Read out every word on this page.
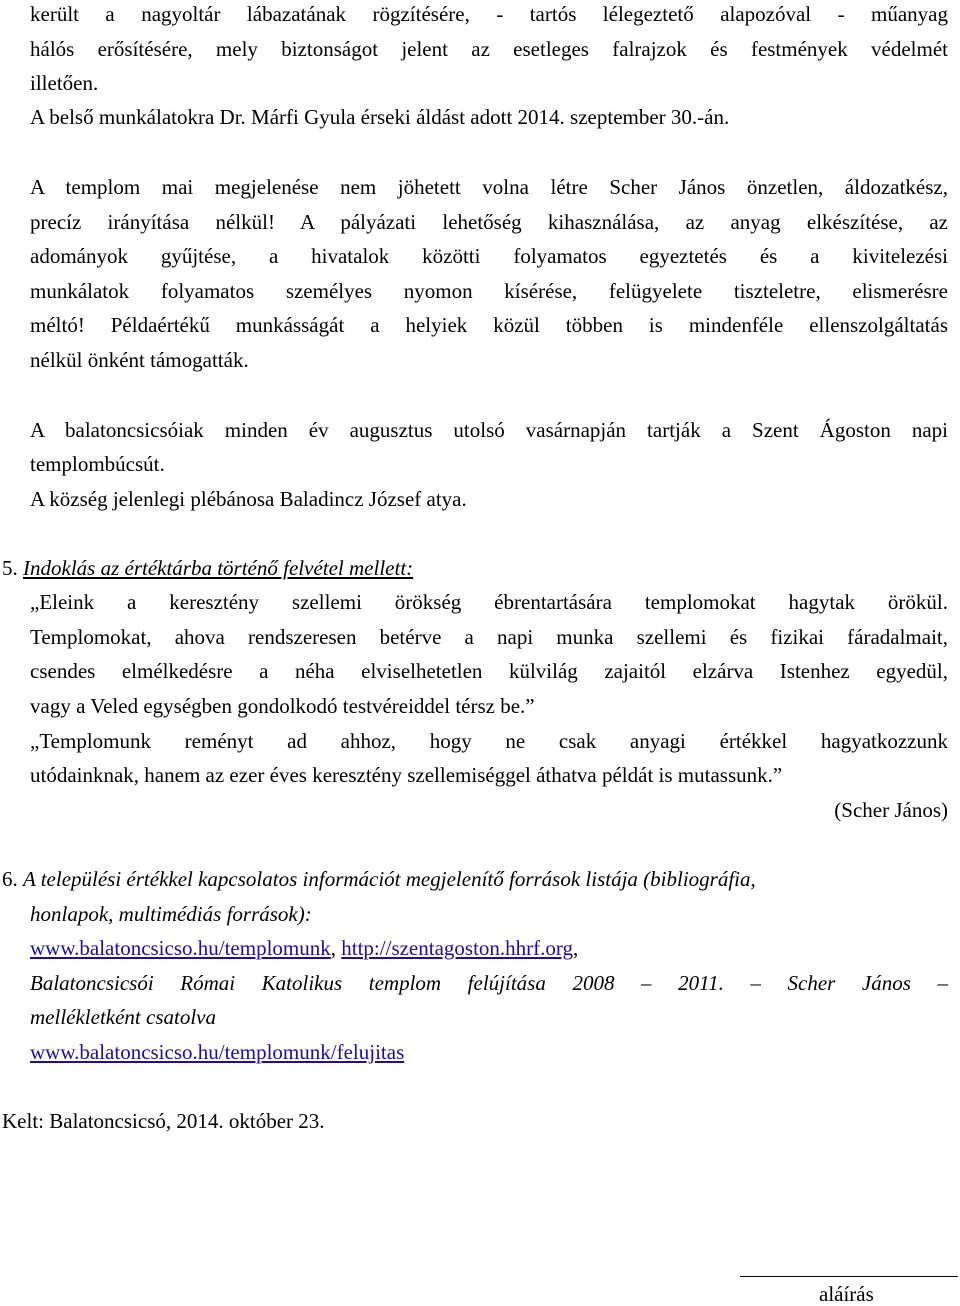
került a nagyoltár lábazatának rögzítésére, - tartós lélegeztető alapozóval - műanyag
hálós erősítésére, mely biztonságot jelent az esetleges falrajzok és festmények védelmét
illetően.
A belső munkálatokra Dr. Márfi Gyula érseki áldást adott 2014. szeptember 30.-án.
A templom mai megjelenése nem jöhetett volna létre Scher János önzetlen, áldozatkész,
precíz irányítása nélkül! A pályázati lehetőség kihasználása, az anyag elkészítése, az
adományok gyűjtése, a hivatalok közötti folyamatos egyeztetés és a kivitelezési
munkálatok folyamatos személyes nyomon kísérése, felügyelete tiszteletre, elismerésre
méltó! Példaértékű munkásságát a helyiek közül többen is mindenféle ellenszolgáltatás
nélkül önként támogatták.
A balatoncsicsóiak minden év augusztus utolsó vasárnapján tartják a Szent Ágoston napi
templombúcsút.
A község jelenlegi plébánosa Baladincz József atya.
5. Indoklás az értéktárba történő felvétel mellett:
„Eleink a keresztény szellemi örökség ébrentartására templomokat hagytak örökül.
Templomokat, ahova rendszeresen betérve a napi munka szellemi és fizikai fáradalmait,
csendes elmélkedésre a néha elviselhetetlen külvilág zajaitól elzárva Istenhez egyedül,
vagy a Veled egységben gondolkodó testvéreiddel térsz be.”
„Templomunk reményt ad ahhoz, hogy ne csak anyagi értékkel hagyatkozzunk
utódainknak, hanem az ezer éves keresztény szellemiséggel áthatva példát is mutassunk.”
(Scher János)
6. A települési értékkel kapcsolatos információt megjelenítő források listája (bibliográfia,
honlapok, multimédiás források):
www.balatoncsicso.hu/templomunk, http://szentagoston.hhrf.org,
Balatoncsicsói Római Katolikus templom felújítása 2008 – 2011. – Scher János –
mellékletként csatolva
www.balatoncsicso.hu/templomunk/felujitas
Kelt: Balatoncsicsó, 2014. október 23.
aláírás
